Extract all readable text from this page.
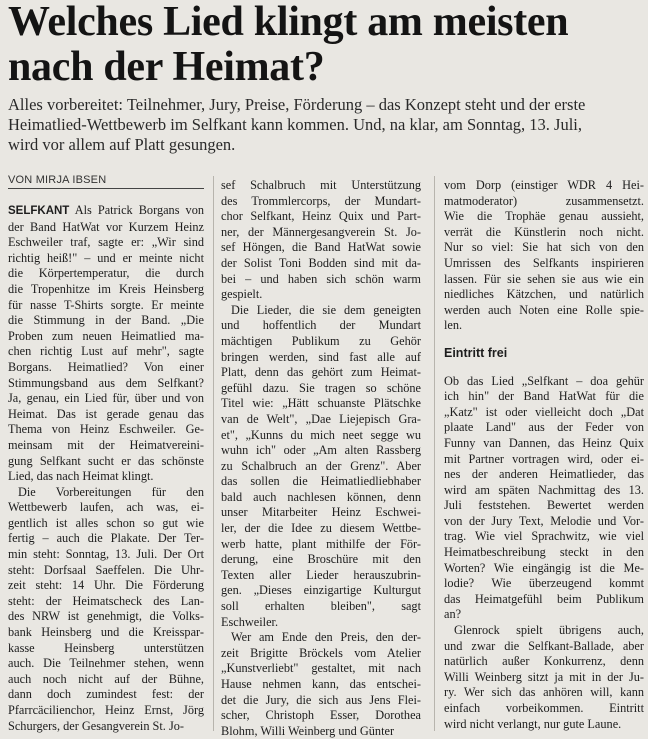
Welches Lied klingt am meisten
nach der Heimat?

Alles vorbereitet: Teilnehmer, Jury, Preise, Förderung – das Konzept steht und der erste
Heimatlied-Wettbewerb im Selfkant kann kommen. Und, na klar, am Sonntag, 13. Juli,
wird vor allem auf Platt gesungen.

VON MIRJA IBSEN
SELFKANT Als Patrick Borgans von
der Band HatWat vor Kurzem Heinz
Eschweiler traf, sagte er: „Wir sind
richtig heiß!" – und er meinte nicht
die Körpertemperatur, die durch
die Tropenhitze im Kreis Heinsberg
für nasse T-Shirts sorgte. Er meinte
die Stimmung in der Band. „Die
Proben zum neuen Heimatlied ma-
chen richtig Lust auf mehr", sagte
Borgans. Heimatlied? Von einer
Stimmungsband aus dem Selfkant?
Ja, genau, ein Lied für, über und von
Heimat. Das ist gerade genau das
Thema von Heinz Eschweiler. Ge-
meinsam mit der Heimatvereini-
gung Selfkant sucht er das schönste
Lied, das nach Heimat klingt.
Die Vorbereitungen für den
Wettbewerb laufen, ach was, ei-
gentlich ist alles schon so gut wie
fertig – auch die Plakate. Der Ter-
min steht: Sonntag, 13. Juli. Der Ort
steht: Dorfsaal Saeffelen. Die Uhr-
zeit steht: 14 Uhr. Die Förderung
steht: der Heimatscheck des Lan-
des NRW ist genehmigt, die Volks-
bank Heinsberg und die Kreisspar-
kasse Heinsberg unterstützen
auch. Die Teilnehmer stehen, wenn
auch noch nicht auf der Bühne,
dann doch zumindest fest: der
Pfarrcäcilienchor, Heinz Ernst, Jörg
Schurgers, der Gesangverein St. Jo-
sef Schalbruch mit Unterstützung
des Trommlercorps, der Mundart-
chor Selfkant, Heinz Quix und Part-
ner, der Männergesangverein St. Jo-
sef Höngen, die Band HatWat sowie
der Solist Toni Bodden sind mit da-
bei – und haben sich schön warm
gespielt.
Die Lieder, die sie dem geneigten
und hoffentlich der Mundart
mächtigen Publikum zu Gehör
bringen werden, sind fast alle auf
Platt, denn das gehört zum Heimat-
gefühl dazu. Sie tragen so schöne
Titel wie: „Hätt schuanste Plätschke
van de Welt", „Dae Liejepisch Gra-
et", „Kunns du mich neet segge wu
wuhn ich" oder „Am alten Rassberg
zu Schalbruch an der Grenz". Aber
das sollen die Heimatliedliebhaber
bald auch nachlesen können, denn
unser Mitarbeiter Heinz Eschwei-
ler, der die Idee zu diesem Wettbe-
werb hatte, plant mithilfe der För-
derung, eine Broschüre mit den
Texten aller Lieder herauszubrin-
gen. „Dieses einzigartige Kulturgut
soll erhalten bleiben", sagt
Eschweiler.
Wer am Ende den Preis, den der-
zeit Brigitte Bröckels vom Atelier
„Kunstverliebt" gestaltet, mit nach
Hause nehmen kann, das entschei-
det die Jury, die sich aus Jens Flei-
scher, Christoph Esser, Dorothea
Blohm, Willi Weinberg und Günter
vom Dorp (einstiger WDR 4 Hei-
matmoderator) zusammensetzt.
Wie die Trophäe genau aussieht,
verrät die Künstlerin noch nicht.
Nur so viel: Sie hat sich von den
Umrissen des Selfkants inspirieren
lassen. Für sie sehen sie aus wie ein
niedliches Kätzchen, und natürlich
werden auch Noten eine Rolle spie-
len.
Eintritt frei
Ob das Lied „Selfkant – doa gehür
ich hin" der Band HatWat für die
„Katz" ist oder vielleicht doch „Dat
plaate Land" aus der Feder von
Funny van Dannen, das Heinz Quix
mit Partner vortragen wird, oder ei-
nes der anderen Heimatlieder, das
wird am späten Nachmittag des 13.
Juli feststehen. Bewertet werden
von der Jury Text, Melodie und Vor-
trag. Wie viel Sprachwitz, wie viel
Heimatbeschreibung steckt in den
Worten? Wie eingängig ist die Me-
lodie? Wie überzeugend kommt
das Heimatgefühl beim Publikum
an?
Glenrock spielt übrigens auch,
und zwar die Selfkant-Ballade, aber
natürlich außer Konkurrenz, denn
Willi Weinberg sitzt ja mit in der Ju-
ry. Wer sich das anhören will, kann
einfach vorbeikommen. Eintritt
wird nicht verlangt, nur gute Laune.
